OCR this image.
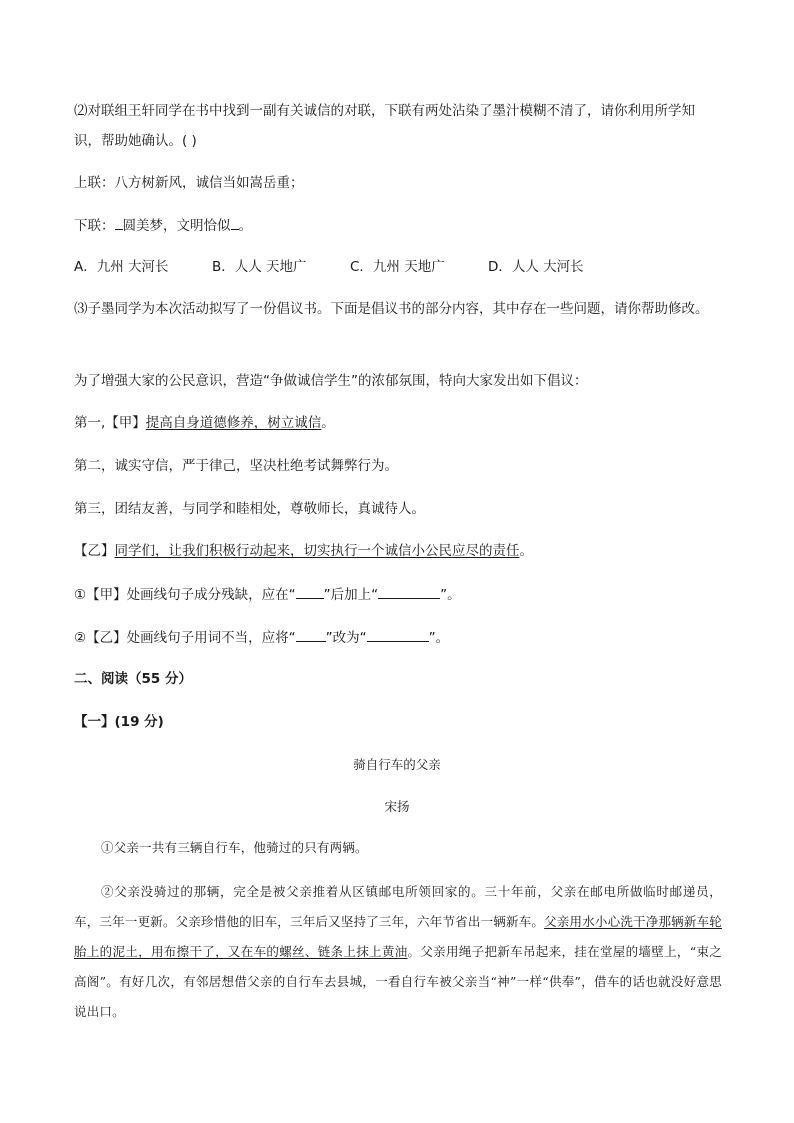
⑵对联组王轩同学在书中找到一副有关诚信的对联，下联有两处沾染了墨汁模糊不清了，请你利用所学知
识，帮助她确认。( )
上联：八方树新风，诚信当如嵩岳重；
下联： 圆美梦，文明恰似 。
A．九州 大河长	B．人人 天地广	C．九州 天地广	D．人人 大河长
⑶子墨同学为本次活动拟写了一份倡议书。下面是倡议书的部分内容，其中存在一些问题，请你帮助修改。
为了增强大家的公民意识，营造“争做诚信学生”的浓郁氛围，特向大家发出如下倡议：
第一,【甲】提高自身道德修养，树立诚信。
第二，诚实守信，严于律己，坚决杜绝考试舞弊行为。
第三，团结友善，与同学和睦相处，尊敬师长，真诚待人。
【乙】同学们，让我们积极行动起来，切实执行一个诚信小公民应尽的责任。
①【甲】处画线句子成分残缺，应在“ ”后加上“	”。
②【乙】处画线句子用词不当，应将“ ”改为“	”。
二、阅读（55 分）
【一】(19 分)
骑自行车的父亲
宋扬
①父亲一共有三辆自行车，他骑过的只有两辆。
②父亲没骑过的那辆，完全是被父亲推着从区镇邮电所领回家的。三十年前，父亲在邮电所做临时邮递员，车，三年一更新。父亲珍惜他的旧车，三年后又坚持了三年，六年节省出一辆新车。父亲用水小心洗干净那辆新车轮胎上的泥土，用布擦干了，又在车的螺丝、链条上抹上黄油。父亲用绳子把新车吊起来，挂在堂屋的墙壁上，“束之高阁”。有好几次，有邻居想借父亲的自行车去县城，一看自行车被父亲当“神”一样“供奉”，借车的话也就没好意思说出口。
